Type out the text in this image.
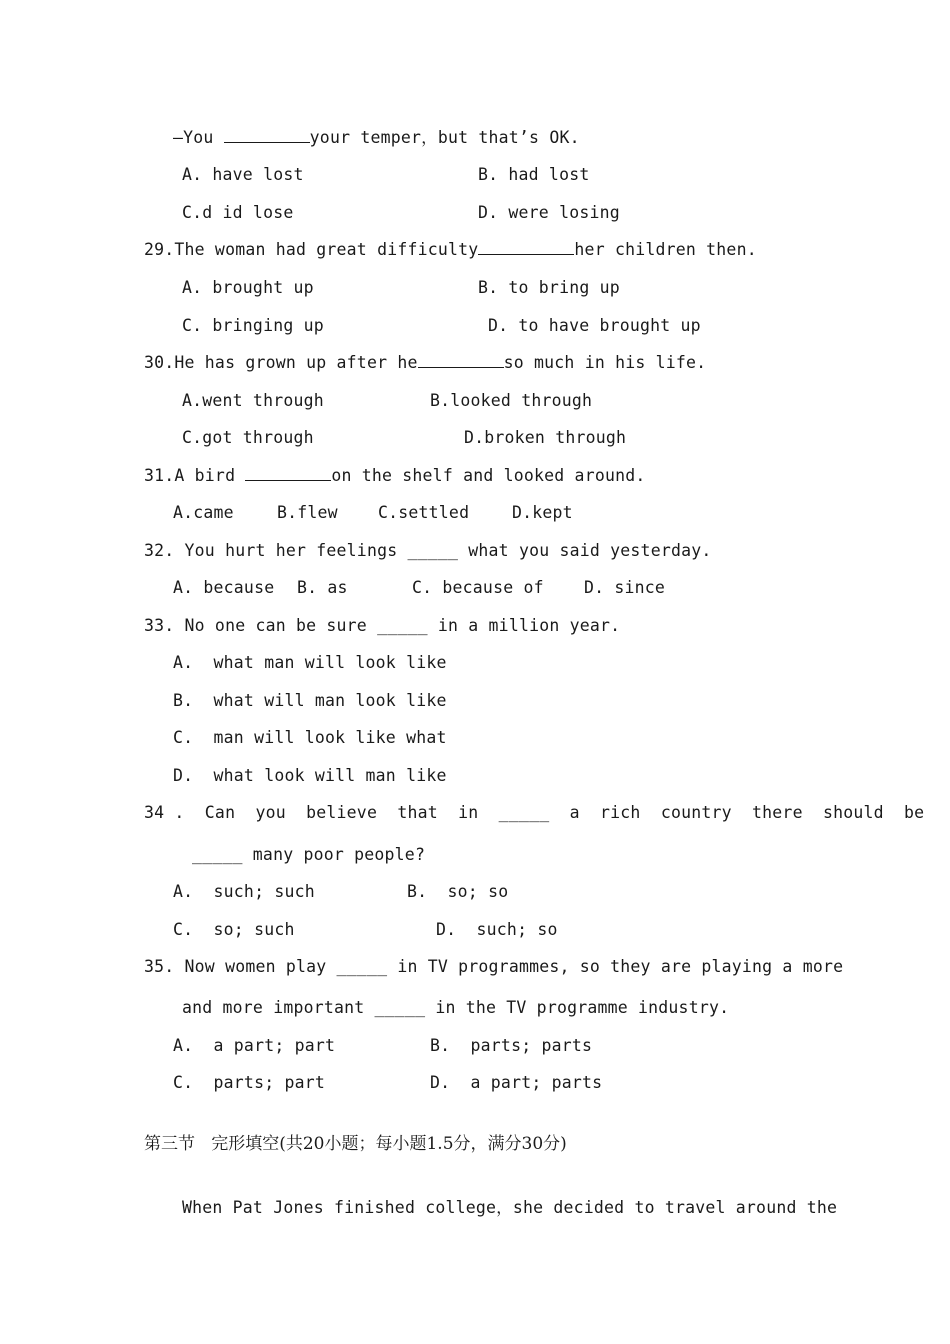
—You	your temper，but that’s OK.
A. have lost	B. had lost
C.d id lose	D. were losing
29.The woman had great difficulty	her children then.
A. brought up	B. to bring up
C. bringing up	D. to have brought up
30.He has grown up after he	so much in his life.
A.went through	B.looked through
C.got through	D.broken through
31.A bird	on the shelf and looked around.
A.came	B.flew C.settled	D.kept
32. You hurt her feelings _____ what you said yesterday.
A. because B. as	C. because of D. since
33. No one can be sure _____ in a million year.
A.  what man will look like
B.  what will man look like
C.  man will look like what
D.  what look will man like
34 .  Can  you  believe  that  in  _____  a  rich  country  there  should  be
_____ many poor people?
A.  such; such	B.  so; so
C.  so; such	D.  such; so
35. Now women play _____ in TV programmes, so they are playing a more
and more important _____ in the TV programme industry.
A.  a part; part	B.  parts; parts
C.  parts; part	D.  a part; parts
第三节   完形填空(共20小题；每小题1.5分，满分30分)
When Pat Jones finished college，she decided to travel around the
